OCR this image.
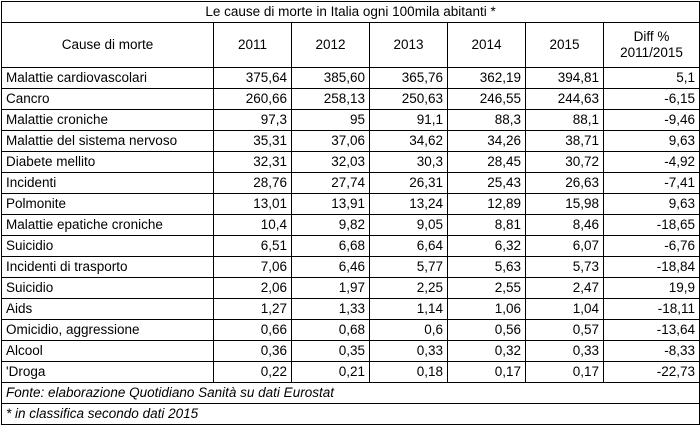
Le cause di morte in Italia ogni 100mila abitanti *						
Cause di morte	2011	2012	2013	2014	2015	Diff %
2011/2015

Malattie cardiovascolari	375,64	385,60	365,76	362,19	394,81	5,1
Cancro	260,66	258,13	250,63	246,55	244,63	-6,15
Malattie croniche	97,3	95	91,1	88,3	88,1	-9,46
Malattie del sistema nervoso	35,31	37,06	34,62	34,26	38,71	9,63
Diabete mellito	32,31	32,03	30,3	28,45	30,72	-4,92
Incidenti	28,76	27,74	26,31	25,43	26,63	-7,41
Polmonite	13,01	13,91	13,24	12,89	15,98	9,63
Malattie epatiche croniche	10,4	9,82	9,05	8,81	8,46	-18,65
Suicidio	6,51	6,68	6,64	6,32	6,07	-6,76
Incidenti di trasporto	7,06	6,46	5,77	5,63	5,73	-18,84
Suicidio	2,06	1,97	2,25	2,55	2,47	19,9
Aids	1,27	1,33	1,14	1,06	1,04	-18,11
Omicidio, aggressione	0,66	0,68	0,6	0,56	0,57	-13,64
Alcool	0,36	0,35	0,33	0,32	0,33	-8,33
'Droga	0,22	0,21	0,18	0,17	0,17	-22,73
Fonte: elaborazione Quotidiano Sanità su dati Eurostat						
* in classifica secondo dati 2015						
